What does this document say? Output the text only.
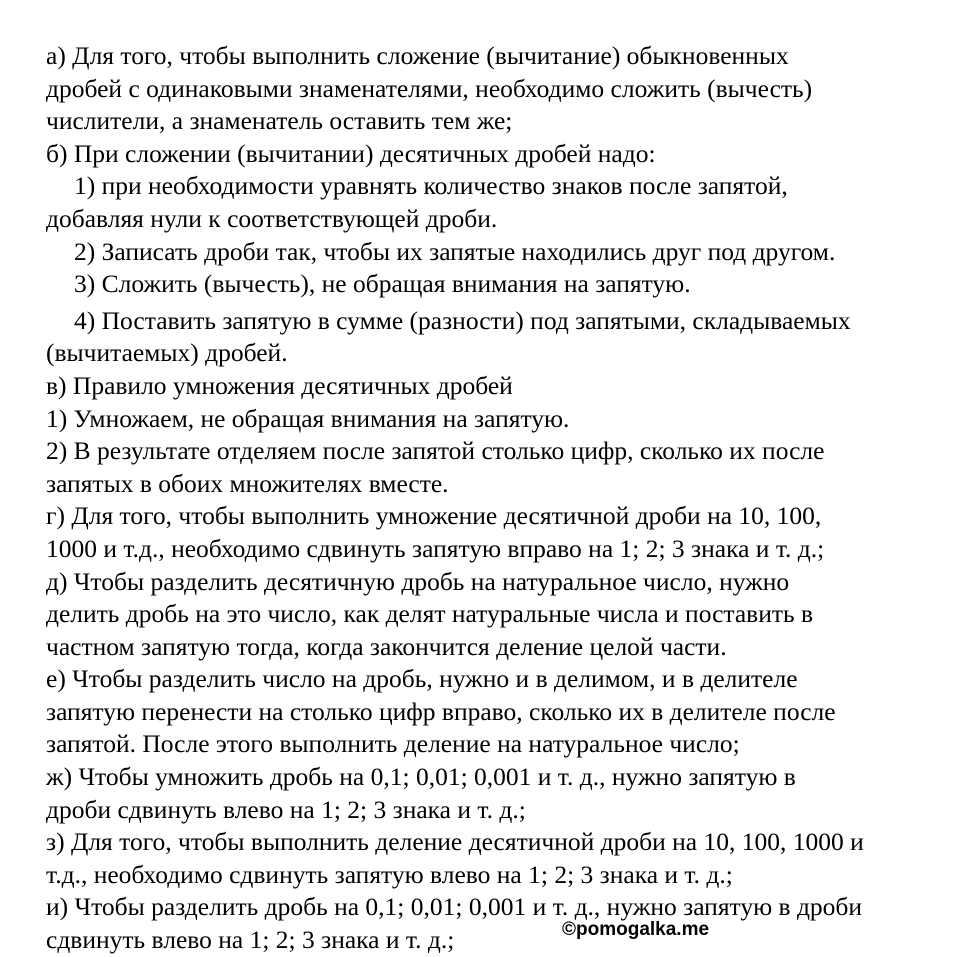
а) Для того, чтобы выполнить сложение (вычитание) обыкновенных
дробей с одинаковыми знаменателями, необходимо сложить (вычесть)
числители, а знаменатель оставить тем же;
б) При сложении (вычитании) десятичных дробей надо:
1) при необходимости уравнять количество знаков после запятой,
добавляя нули к соответствующей дроби.
2) Записать дроби так, чтобы их запятые находились друг под другом.
3) Сложить (вычесть), не обращая внимания на запятую.
4) Поставить запятую в сумме (разности) под запятыми, складываемых
(вычитаемых) дробей.
в) Правило умножения десятичных дробей
1) Умножаем, не обращая внимания на запятую.
2) В результате отделяем после запятой столько цифр, сколько их после
запятых в обоих множителях вместе.
г) Для того, чтобы выполнить умножение десятичной дроби на 10, 100,
1000 и т.д., необходимо сдвинуть запятую вправо на 1; 2; 3 знака и т. д.;
д) Чтобы разделить десятичную дробь на натуральное число, нужно
делить дробь на это число, как делят натуральные числа и поставить в
частном запятую тогда, когда закончится деление целой части.
е) Чтобы разделить число на дробь, нужно и в делимом, и в делителе
запятую перенести на столько цифр вправо, сколько их в делителе после
запятой. После этого выполнить деление на натуральное число;
ж) Чтобы умножить дробь на 0,1; 0,01; 0,001 и т. д., нужно запятую в
дроби сдвинуть влево на 1; 2; 3 знака и т. д.;
з) Для того, чтобы выполнить деление десятичной дроби на 10, 100, 1000 и
т.д., необходимо сдвинуть запятую влево на 1; 2; 3 знака и т. д.;
и) Чтобы разделить дробь на 0,1; 0,01; 0,001 и т. д., нужно запятую в дроби
сдвинуть влево на 1; 2; 3 знака и т. д.;	©pomogalka.me
